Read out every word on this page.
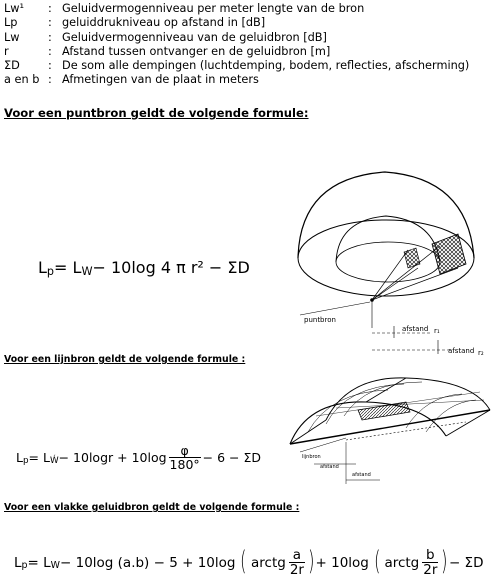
Lw¹	: Geluidvermogenniveau per meter lengte van de bron
Lp	: geluiddrukniveau op afstand in [dB]
Lw	: Geluidvermogenniveau van de geluidbron [dB]
r	: Afstand tussen ontvanger en de geluidbron [m]
ΣD	: De som alle dempingen (luchtdemping, bodem, reflecties, afscherming)
a en b : Afmetingen van de plaat in meters
Voor een puntbron geldt de volgende formule:
L p = L W − 10log 4 π r² − ΣD
puntbron
afstand r₁
afstand r₂
Voor een lijnbron geldt de volgende formule :
L p = L Ẃ − $10\log r + 10\log \frac{\varphi}{180^\circ} - 6 - \Sigma D$	lijnbron
afstand
afstand
Voor een vlakke geluidbron geldt de volgende formule :
L p = L W − 10log (a.b) − 5 + 10log ( arctg $\frac{a}{2r}$ ) + 10log ( arctg $\frac{b}{2r}$ ) − ΣD
